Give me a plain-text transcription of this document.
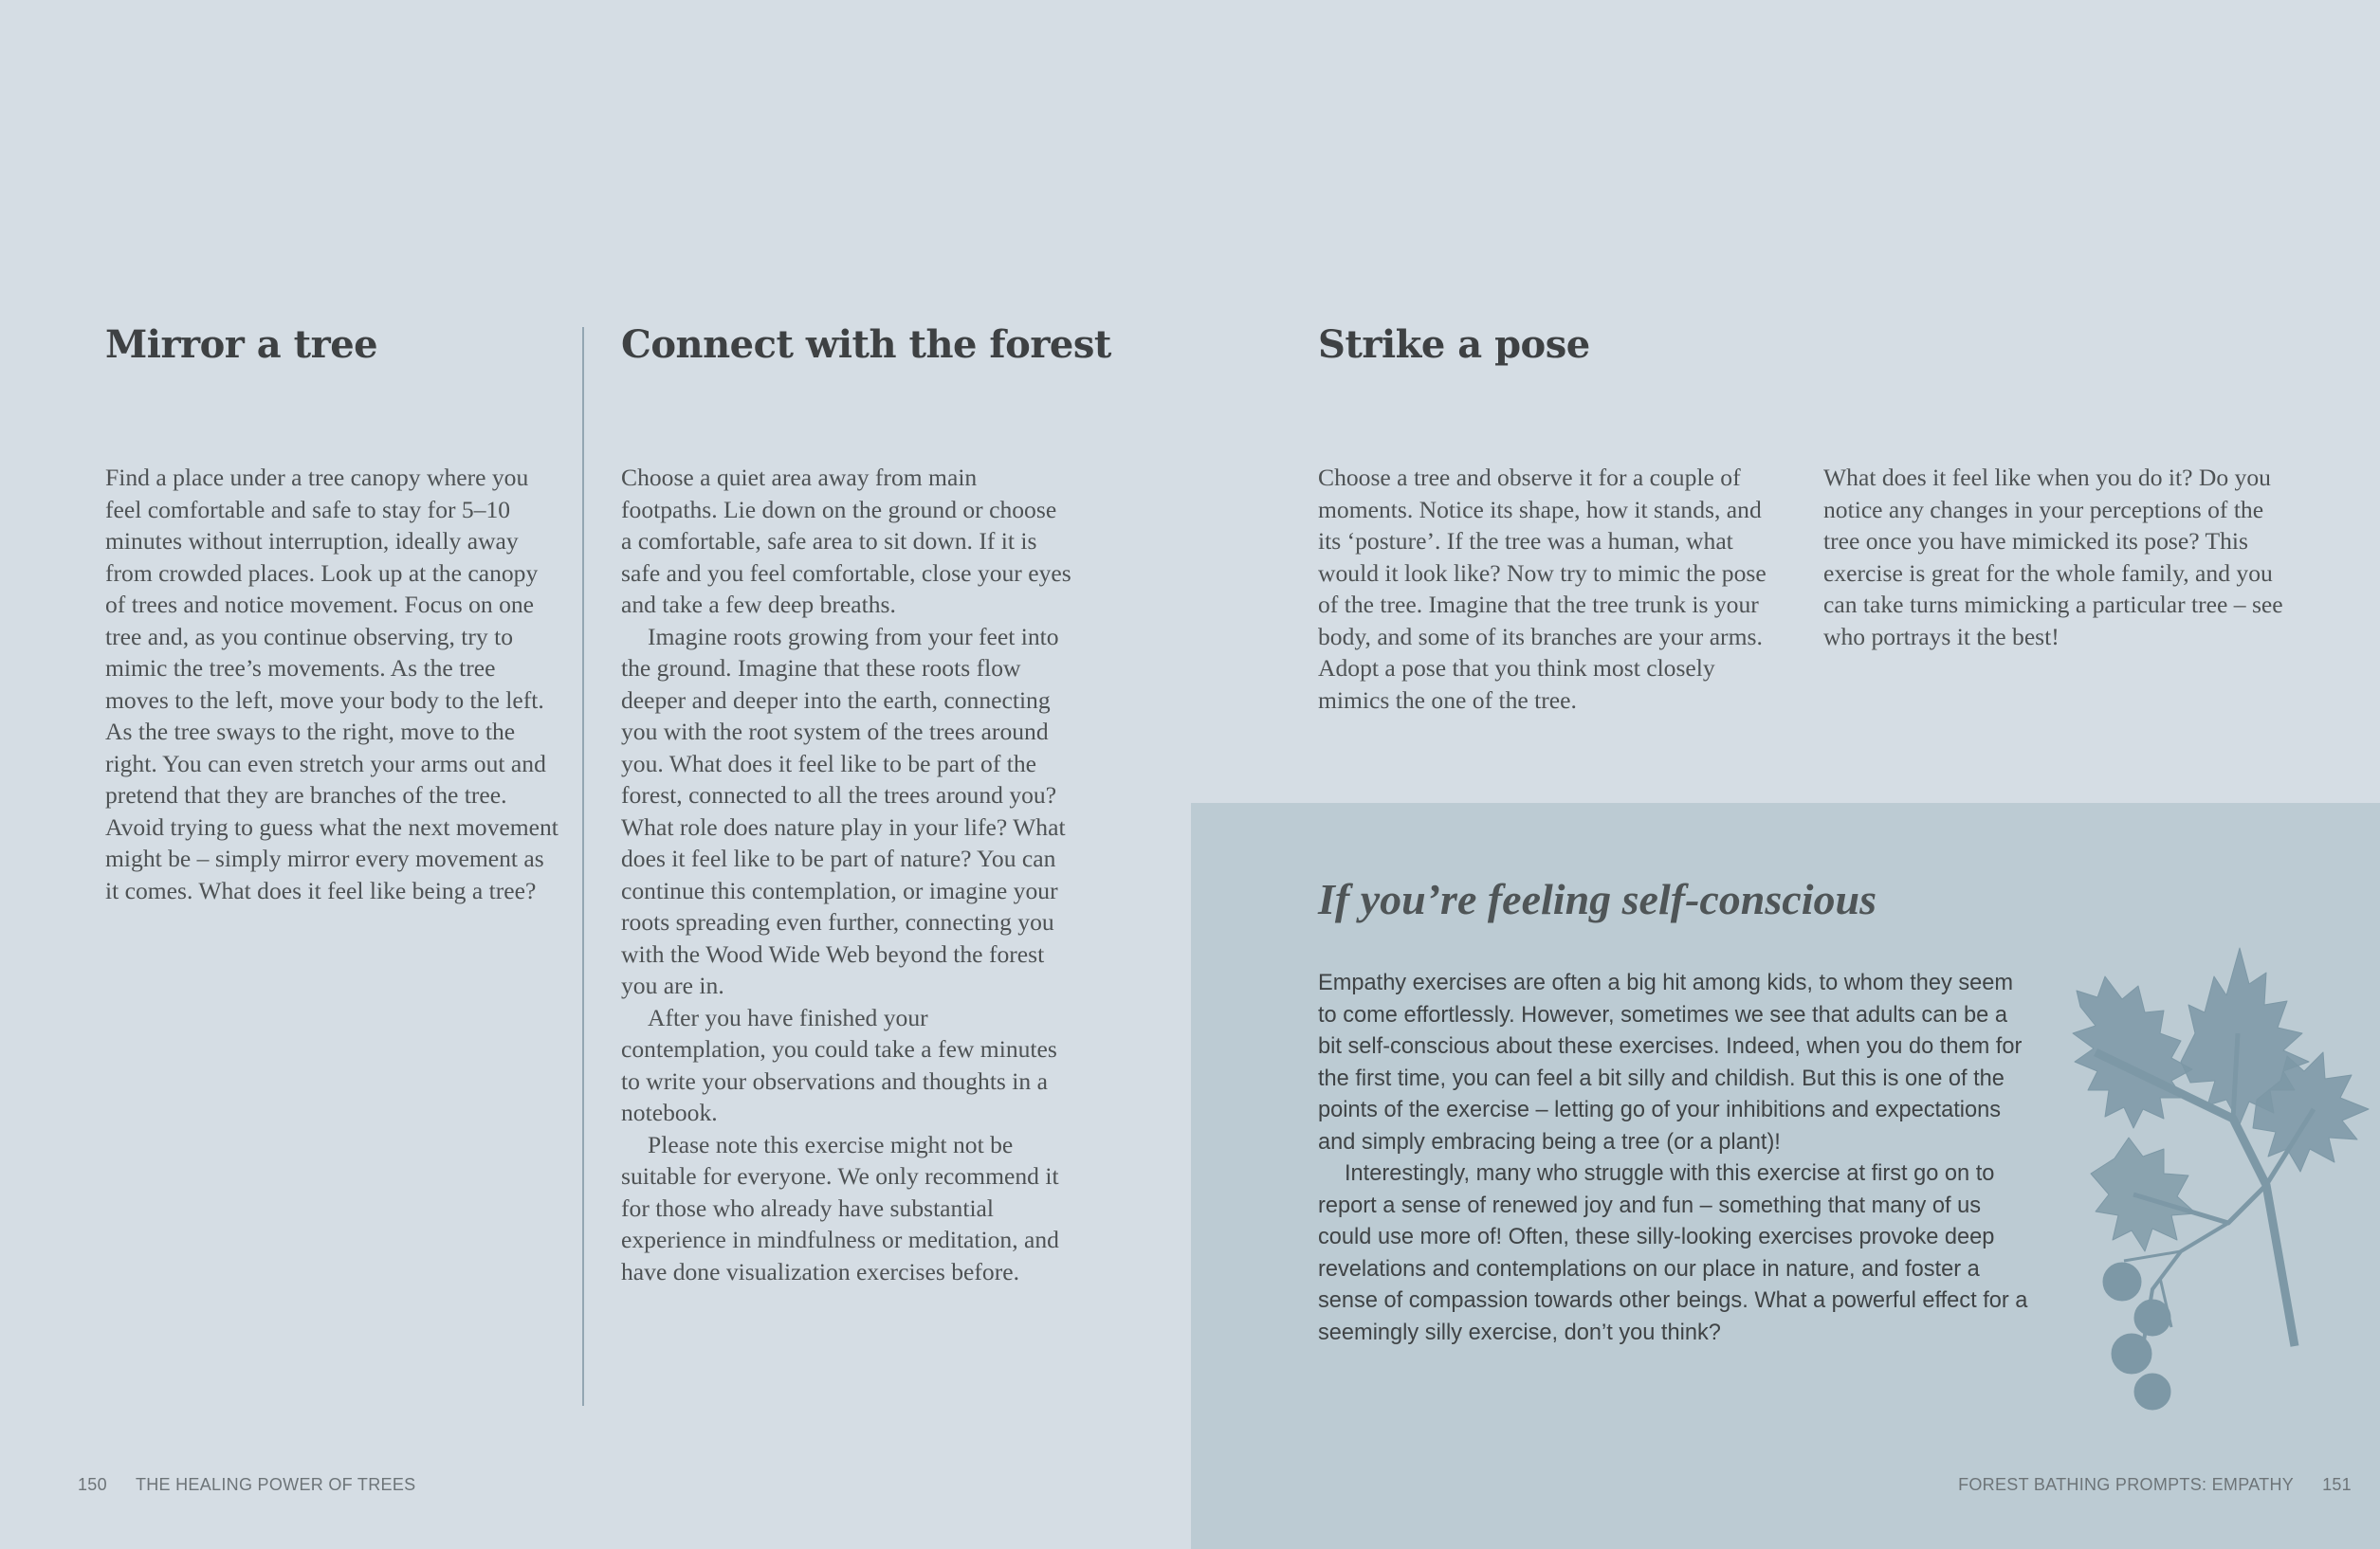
Mirror a tree

Find a place under a tree canopy where you feel comfortable and safe to stay for 5–10 minutes without interruption, ideally away from crowded places. Look up at the canopy of trees and notice movement. Focus on one tree and, as you continue observing, try to mimic the tree’s movements. As the tree moves to the left, move your body to the left. As the tree sways to the right, move to the right. You can even stretch your arms out and pretend that they are branches of the tree. Avoid trying to guess what the next movement might be – simply mirror every movement as it comes. What does it feel like being a tree?

Connect with the forest

Choose a quiet area away from main footpaths. Lie down on the ground or choose a comfortable, safe area to sit down. If it is safe and you feel comfortable, close your eyes and take a few deep breaths.

Imagine roots growing from your feet into the ground. Imagine that these roots flow deeper and deeper into the earth, connecting you with the root system of the trees around you. What does it feel like to be part of the forest, connected to all the trees around you? What role does nature play in your life? What does it feel like to be part of nature? You can continue this contemplation, or imagine your roots spreading even further, connecting you with the Wood Wide Web beyond the forest you are in.

After you have finished your contemplation, you could take a few minutes to write your observations and thoughts in a notebook.

Please note this exercise might not be suitable for everyone. We only recommend it for those who already have substantial experience in mindfulness or meditation, and have done visualization exercises before.

Strike a pose

Choose a tree and observe it for a couple of moments. Notice its shape, how it stands, and its ‘posture’. If the tree was a human, what would it look like? Now try to mimic the pose of the tree. Imagine that the tree trunk is your body, and some of its branches are your arms. Adopt a pose that you think most closely mimics the one of the tree.

What does it feel like when you do it? Do you notice any changes in your perceptions of the tree once you have mimicked its pose? This exercise is great for the whole family, and you can take turns mimicking a particular tree – see who portrays it the best!

If you’re feeling self-conscious

Empathy exercises are often a big hit among kids, to whom they seem to come effortlessly. However, sometimes we see that adults can be a bit self-conscious about these exercises. Indeed, when you do them for the first time, you can feel a bit silly and childish. But this is one of the points of the exercise – letting go of your inhibitions and expectations and simply embracing being a tree (or a plant)!

Interestingly, many who struggle with this exercise at first go on to report a sense of renewed joy and fun – something that many of us could use more of! Often, these silly-looking exercises provoke deep revelations and contemplations on our place in nature, and foster a sense of compassion towards other beings. What a powerful effect for a seemingly silly exercise, don’t you think?

150 THE HEALING POWER OF TREES	FOREST BATHING PROMPTS: EMPATHY 151
